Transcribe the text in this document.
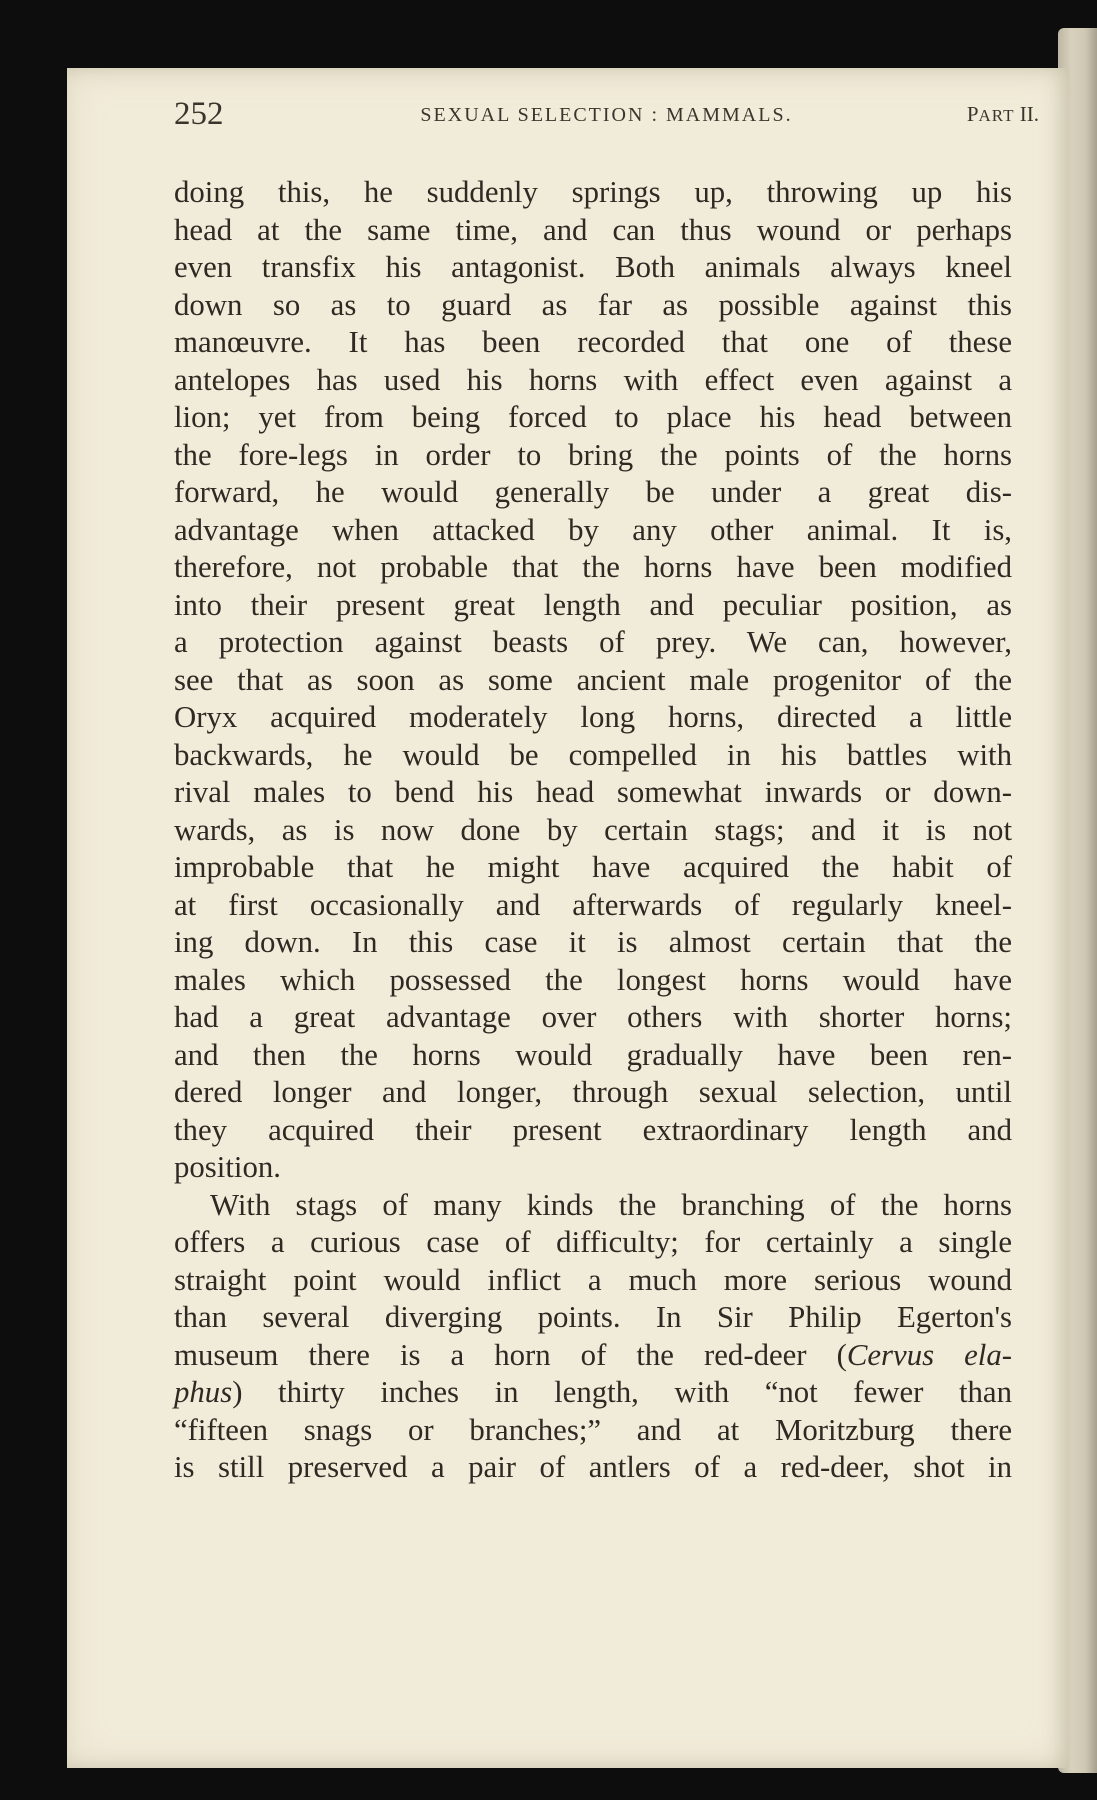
252	SEXUAL SELECTION : MAMMALS.	PART II.
doing this, he suddenly springs up, throwing up his
head at the same time, and can thus wound or perhaps
even transfix his antagonist. Both animals always kneel
down so as to guard as far as possible against this
manœuvre. It has been recorded that one of these
antelopes has used his horns with effect even against a
lion; yet from being forced to place his head between
the fore-legs in order to bring the points of the horns
forward, he would generally be under a great dis-
advantage when attacked by any other animal. It is,
therefore, not probable that the horns have been modified
into their present great length and peculiar position, as
a protection against beasts of prey. We can, however,
see that as soon as some ancient male progenitor of the
Oryx acquired moderately long horns, directed a little
backwards, he would be compelled in his battles with
rival males to bend his head somewhat inwards or down-
wards, as is now done by certain stags; and it is not
improbable that he might have acquired the habit of
at first occasionally and afterwards of regularly kneel-
ing down. In this case it is almost certain that the
males which possessed the longest horns would have
had a great advantage over others with shorter horns;
and then the horns would gradually have been ren-
dered longer and longer, through sexual selection, until
they acquired their present extraordinary length and
position.
With stags of many kinds the branching of the horns
offers a curious case of difficulty; for certainly a single
straight point would inflict a much more serious wound
than several diverging points. In Sir Philip Egerton's
museum there is a horn of the red-deer (Cervus ela-
phus) thirty inches in length, with “not fewer than
“fifteen snags or branches;” and at Moritzburg there
is still preserved a pair of antlers of a red-deer, shot in
